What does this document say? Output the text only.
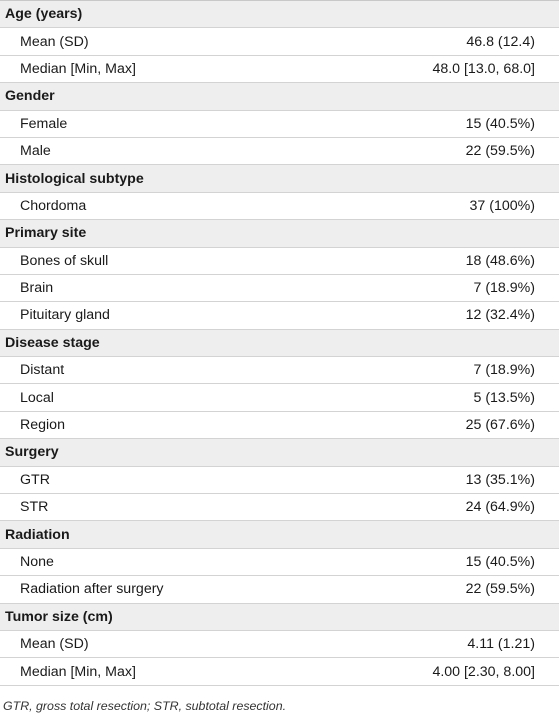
Age (years)	
Mean (SD)	46.8 (12.4)
Median [Min, Max]	48.0 [13.0, 68.0]
Gender	
Female	15 (40.5%)
Male	22 (59.5%)
Histological subtype	
Chordoma	37 (100%)
Primary site	
Bones of skull	18 (48.6%)
Brain	7 (18.9%)
Pituitary gland	12 (32.4%)
Disease stage	
Distant	7 (18.9%)
Local	5 (13.5%)
Region	25 (67.6%)
Surgery	
GTR	13 (35.1%)
STR	24 (64.9%)
Radiation	
None	15 (40.5%)
Radiation after surgery	22 (59.5%)
Tumor size (cm)	
Mean (SD)	4.11 (1.21)
Median [Min, Max]	4.00 [2.30, 8.00]
GTR, gross total resection; STR, subtotal resection.
